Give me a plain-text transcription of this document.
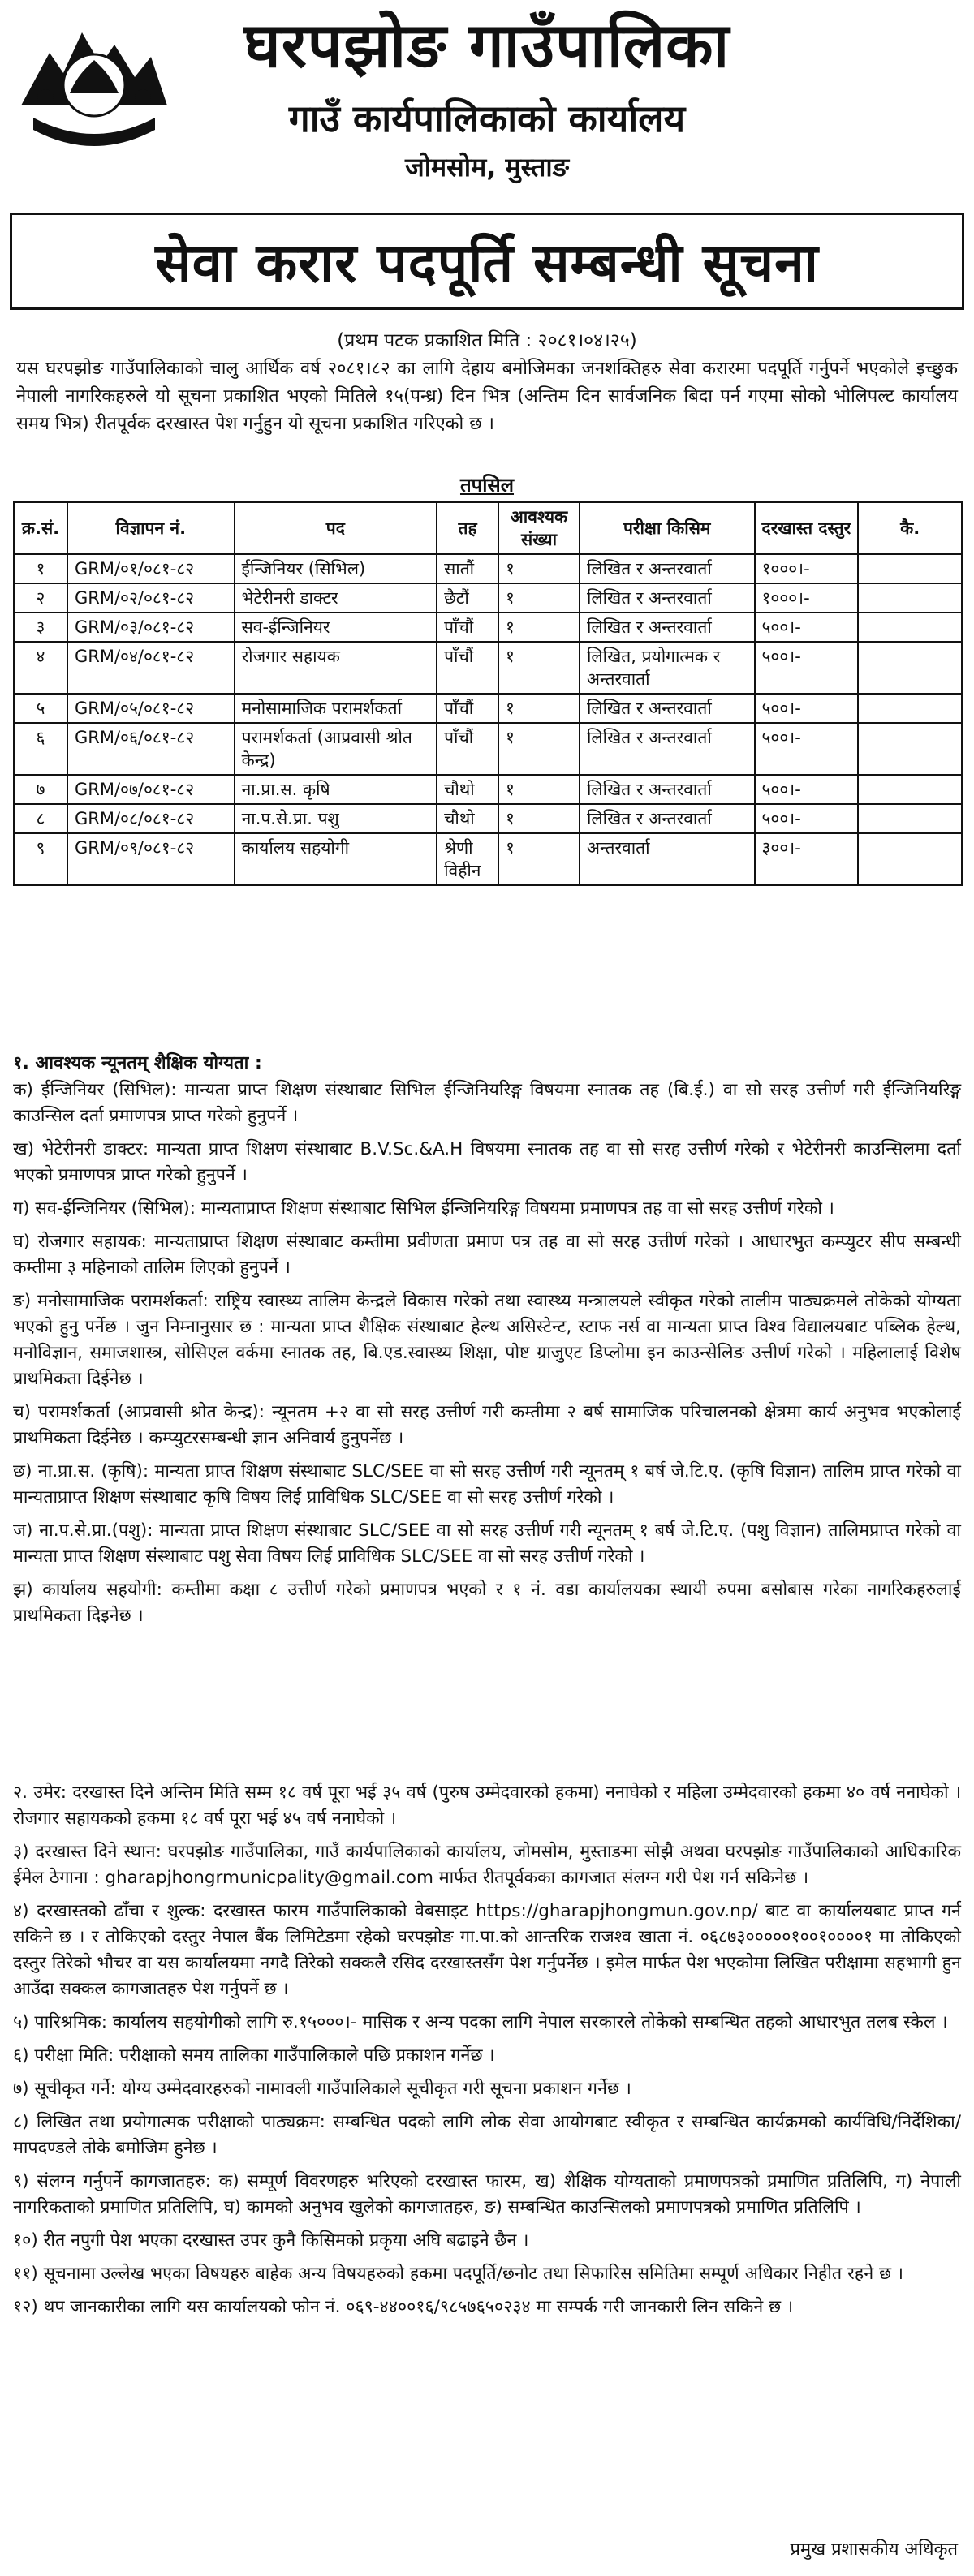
घरपझोङ गाउँपालिका
गाउँ कार्यपालिकाको कार्यालय
जोमसोम, मुस्ताङ
सेवा करार पदपूर्ति सम्बन्धी सूचना
(प्रथम पटक प्रकाशित मिति : २०८१।०४।२५)
यस घरपझोङ गाउँपालिकाको चालु आर्थिक वर्ष २०८१।८२ का लागि देहाय बमोजिमका जनशक्तिहरु सेवा करारमा पदपूर्ति गर्नुपर्ने भएकोले इच्छुक नेपाली नागरिकहरुले यो सूचना प्रकाशित भएको मितिले १५(पन्ध्र) दिन भित्र (अन्तिम दिन सार्वजनिक बिदा पर्न गएमा सोको भोलिपल्ट कार्यालय समय भित्र) रीतपूर्वक दरखास्त पेश गर्नुहुन यो सूचना प्रकाशित गरिएको छ ।
तपसिल
क्र.सं.	विज्ञापन नं.	पद	तह	आवश्यक संख्या	परीक्षा किसिम	दरखास्त दस्तुर	कै.
१	GRM/०१/०८१-८२	ईन्जिनियर (सिभिल)	सातौं	१	लिखित र अन्तरवार्ता	१०००।-	
२	GRM/०२/०८१-८२	भेटेरीनरी डाक्टर	छैटौं	१	लिखित र अन्तरवार्ता	१०००।-	
३	GRM/०३/०८१-८२	सव-ईन्जिनियर	पाँचौं	१	लिखित र अन्तरवार्ता	५००।-	
४	GRM/०४/०८१-८२	रोजगार सहायक	पाँचौं	१	लिखित, प्रयोगात्मक र अन्तरवार्ता	५००।-	
५	GRM/०५/०८१-८२	मनोसामाजिक परामर्शकर्ता	पाँचौं	१	लिखित र अन्तरवार्ता	५००।-	
६	GRM/०६/०८१-८२	परामर्शकर्ता (आप्रवासी श्रोत केन्द्र)	पाँचौं	१	लिखित र अन्तरवार्ता	५००।-	
७	GRM/०७/०८१-८२	ना.प्रा.स. कृषि	चौथो	१	लिखित र अन्तरवार्ता	५००।-	
८	GRM/०८/०८१-८२	ना.प.से.प्रा. पशु	चौथो	१	लिखित र अन्तरवार्ता	५००।-	
९	GRM/०९/०८१-८२	कार्यालय सहयोगी	श्रेणी विहीन	१	अन्तरवार्ता	३००।-	
१. आवश्यक न्यूनतम् शैक्षिक योग्यता :
क) ईन्जिनियर (सिभिल): मान्यता प्राप्त शिक्षण संस्थाबाट सिभिल ईन्जिनियरिङ्ग विषयमा स्नातक तह (बि.ई.) वा सो सरह उत्तीर्ण गरी ईन्जिनियरिङ्ग काउन्सिल दर्ता प्रमाणपत्र प्राप्त गरेको हुनुपर्ने ।
ख) भेटेरीनरी डाक्टर: मान्यता प्राप्त शिक्षण संस्थाबाट B.V.Sc.&A.H विषयमा स्नातक तह वा सो सरह उत्तीर्ण गरेको र भेटेरीनरी काउन्सिलमा दर्ता भएको प्रमाणपत्र प्राप्त गरेको हुनुपर्ने ।
ग) सव-ईन्जिनियर (सिभिल): मान्यताप्राप्त शिक्षण संस्थाबाट सिभिल ईन्जिनियरिङ्ग विषयमा प्रमाणपत्र तह वा सो सरह उत्तीर्ण गरेको ।
घ) रोजगार सहायक: मान्यताप्राप्त शिक्षण संस्थाबाट कम्तीमा प्रवीणता प्रमाण पत्र तह वा सो सरह उत्तीर्ण गरेको । आधारभुत कम्प्युटर सीप सम्बन्धी कम्तीमा ३ महिनाको तालिम लिएको हुनुपर्ने ।
ङ) मनोसामाजिक परामर्शकर्ता: राष्ट्रिय स्वास्थ्य तालिम केन्द्रले विकास गरेको तथा स्वास्थ्य मन्त्रालयले स्वीकृत गरेको तालीम पाठ्यक्रमले तोकेको योग्यता भएको हुनु पर्नेछ । जुन निम्नानुसार छ : मान्यता प्राप्त शैक्षिक संस्थाबाट हेल्थ असिस्टेन्ट, स्टाफ नर्स वा मान्यता प्राप्त विश्व विद्यालयबाट पब्लिक हेल्थ, मनोविज्ञान, समाजशास्त्र, सोसिएल वर्कमा स्नातक तह, बि.एड.स्वास्थ्य शिक्षा, पोष्ट ग्राजुएट डिप्लोमा इन काउन्सेलिङ उत्तीर्ण गरेको । महिलालाई विशेष प्राथमिकता दिईनेछ ।
च) परामर्शकर्ता (आप्रवासी श्रोत केन्द्र): न्यूनतम +२ वा सो सरह उत्तीर्ण गरी कम्तीमा २ बर्ष सामाजिक परिचालनको क्षेत्रमा कार्य अनुभव भएकोलाई प्राथमिकता दिईनेछ । कम्प्युटरसम्बन्धी ज्ञान अनिवार्य हुनुपर्नेछ ।
छ) ना.प्रा.स. (कृषि): मान्यता प्राप्त शिक्षण संस्थाबाट SLC/SEE वा सो सरह उत्तीर्ण गरी न्यूनतम् १ बर्ष जे.टि.ए. (कृषि विज्ञान) तालिम प्राप्त गरेको वा मान्यताप्राप्त शिक्षण संस्थाबाट कृषि विषय लिई प्राविधिक SLC/SEE वा सो सरह उत्तीर्ण गरेको ।
ज) ना.प.से.प्रा.(पशु): मान्यता प्राप्त शिक्षण संस्थाबाट SLC/SEE वा सो सरह उत्तीर्ण गरी न्यूनतम् १ बर्ष जे.टि.ए. (पशु विज्ञान) तालिमप्राप्त गरेको वा मान्यता प्राप्त शिक्षण संस्थाबाट पशु सेवा विषय लिई प्राविधिक SLC/SEE वा सो सरह उत्तीर्ण गरेको ।
झ) कार्यालय सहयोगी: कम्तीमा कक्षा ८ उत्तीर्ण गरेको प्रमाणपत्र भएको र १ नं. वडा कार्यालयका स्थायी रुपमा बसोबास गरेका नागरिकहरुलाई प्राथमिकता दिइनेछ ।
२. उमेर: दरखास्त दिने अन्तिम मिति सम्म १८ वर्ष पूरा भई ३५ वर्ष (पुरुष उम्मेदवारको हकमा) ननाघेको र महिला उम्मेदवारको हकमा ४० वर्ष ननाघेको । रोजगार सहायकको हकमा १८ वर्ष पूरा भई ४५ वर्ष ननाघेको ।
३) दरखास्त दिने स्थान: घरपझोङ गाउँपालिका, गाउँ कार्यपालिकाको कार्यालय, जोमसोम, मुस्ताङमा सोझै अथवा घरपझोङ गाउँपालिकाको आधिकारिक ईमेल ठेगाना : gharapjhongrmunicpality@gmail.com मार्फत रीतपूर्वकका कागजात संलग्न गरी पेश गर्न सकिनेछ ।
४) दरखास्तको ढाँचा र शुल्क: दरखास्त फारम गाउँपालिकाको वेबसाइट https://gharapjhongmun.gov.np/ बाट वा कार्यालयबाट प्राप्त गर्न सकिने छ । र तोकिएको दस्तुर नेपाल बैंक लिमिटेडमा रहेको घरपझोङ गा.पा.को आन्तरिक राजश्व खाता नं. ०६८७३०००००१००१००००१ मा तोकिएको दस्तुर तिरेको भौचर वा यस कार्यालयमा नगदै तिरेको सक्कलै रसिद दरखास्तसँग पेश गर्नुपर्नेछ । इमेल मार्फत पेश भएकोमा लिखित परीक्षामा सहभागी हुन आउँदा सक्कल कागजातहरु पेश गर्नुपर्ने छ ।
५) पारिश्रमिक: कार्यालय सहयोगीको लागि रु.१५०००।- मासिक र अन्य पदका लागि नेपाल सरकारले तोकेको सम्बन्धित तहको आधारभुत तलब स्केल ।
६) परीक्षा मिति: परीक्षाको समय तालिका गाउँपालिकाले पछि प्रकाशन गर्नेछ ।
७) सूचीकृत गर्ने: योग्य उम्मेदवारहरुको नामावली गाउँपालिकाले सूचीकृत गरी सूचना प्रकाशन गर्नेछ ।
८) लिखित तथा प्रयोगात्मक परीक्षाको पाठ्यक्रम: सम्बन्धित पदको लागि लोक सेवा आयोगबाट स्वीकृत र सम्बन्धित कार्यक्रमको कार्यविधि/निर्देशिका/मापदण्डले तोके बमोजिम हुनेछ ।
९) संलग्न गर्नुपर्ने कागजातहरु: क) सम्पूर्ण विवरणहरु भरिएको दरखास्त फारम, ख) शैक्षिक योग्यताको प्रमाणपत्रको प्रमाणित प्रतिलिपि, ग) नेपाली नागरिकताको प्रमाणित प्रतिलिपि, घ) कामको अनुभव खुलेको कागजातहरु, ङ) सम्बन्धित काउन्सिलको प्रमाणपत्रको प्रमाणित प्रतिलिपि ।
१०) रीत नपुगी पेश भएका दरखास्त उपर कुनै किसिमको प्रकृया अघि बढाइने छैन ।
११) सूचनामा उल्लेख भएका विषयहरु बाहेक अन्य विषयहरुको हकमा पदपूर्ति/छनोट तथा सिफारिस समितिमा सम्पूर्ण अधिकार निहीत रहने छ ।
१२) थप जानकारीका लागि यस कार्यालयको फोन नं. ०६९-४४००१६/९८५७६५०२३४ मा सम्पर्क गरी जानकारी लिन सकिने छ ।
प्रमुख प्रशासकीय अधिकृत
